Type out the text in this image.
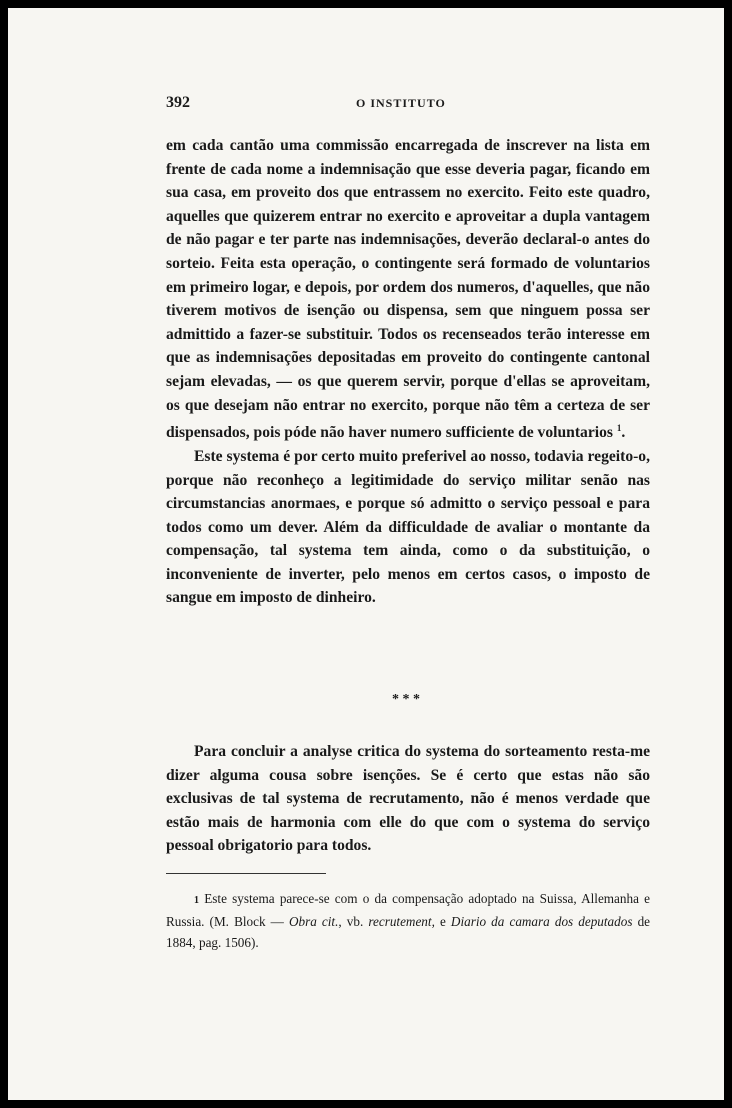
392	O INSTITUTO

em cada cantão uma commissão encarregada de inscrever na lista em frente de cada nome a indemnisação que esse deveria pagar, ficando em sua casa, em proveito dos que entrassem no exercito. Feito este quadro, aquelles que quizerem entrar no exercito e aproveitar a dupla vantagem de não pagar e ter parte nas indemnisações, deverão declaral-o antes do sorteio. Feita esta operação, o contingente será formado de voluntarios em primeiro logar, e depois, por ordem dos numeros, d'aquelles, que não tiverem motivos de isenção ou dispensa, sem que ninguem possa ser admittido a fazer-se substituir. Todos os recenseados terão interesse em que as indemnisações depositadas em proveito do contingente cantonal sejam elevadas, — os que querem servir, porque d'ellas se aproveitam, os que desejam não entrar no exercito, porque não têm a certeza de ser dispensados, pois póde não haver numero sufficiente de voluntarios $^1$.

Este systema é por certo muito preferivel ao nosso, todavia regeito-o, porque não reconheço a legitimidade do serviço militar senão nas circumstancias anormaes, e porque só admitto o serviço pessoal e para todos como um dever. Além da difficuldade de avaliar o montante da compensação, tal systema tem ainda, como o da substituição, o inconveniente de inverter, pelo menos em certos casos, o imposto de sangue em imposto de dinheiro.

* * *

Para concluir a analyse critica do systema do sorteamento resta-me dizer alguma cousa sobre isenções. Se é certo que estas não são exclusivas de tal systema de recrutamento, não é menos verdade que estão mais de harmonia com elle do que com o systema do serviço pessoal obrigatorio para todos.

1 Este systema parece-se com o da compensação adoptado na Suissa, Allemanha e Russia. (M. Block — Obra cit., vb. recrutement, e Diario da camara dos deputados de 1884, pag. 1506).
